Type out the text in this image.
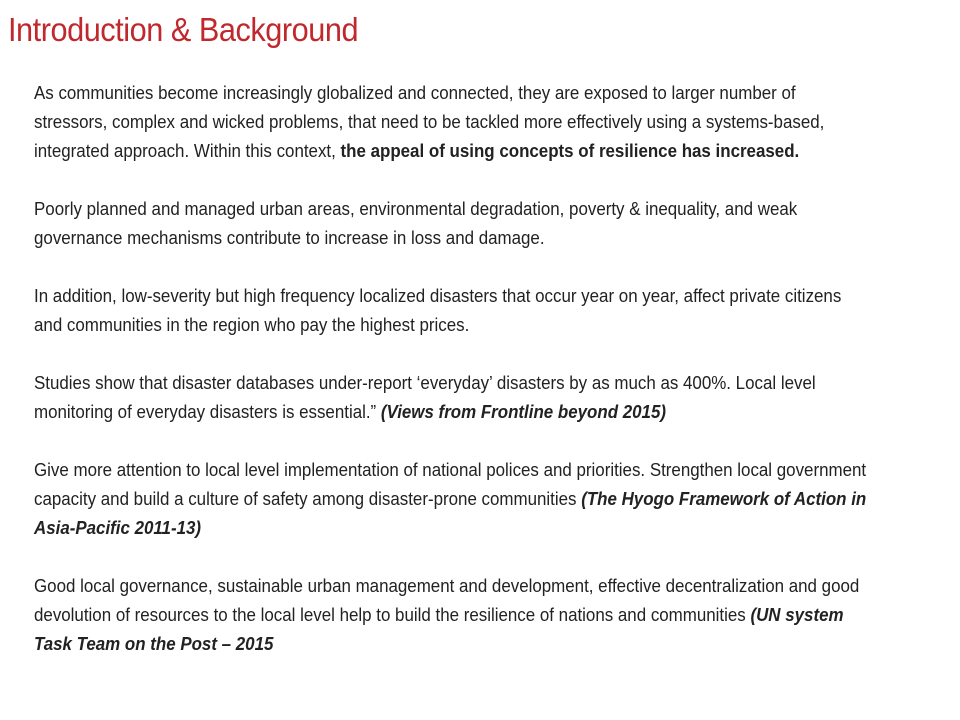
Introduction & Background

As communities become increasingly globalized and connected, they are exposed to larger number of stressors, complex and wicked problems, that need to be tackled more effectively using a systems-based, integrated approach. Within this context, the appeal of using concepts of resilience has increased.

Poorly planned and managed urban areas, environmental degradation, poverty & inequality, and weak governance mechanisms contribute to increase in loss and damage.

In addition, low-severity but high frequency localized disasters that occur year on year, affect private citizens and communities in the region who pay the highest prices.

Studies show that disaster databases under-report ‘everyday’ disasters by as much as 400%. Local level monitoring of everyday disasters is essential.” (Views from Frontline beyond 2015)

Give more attention to local level implementation of national polices and priorities. Strengthen local government capacity and build a culture of safety among disaster-prone communities (The Hyogo Framework of Action in Asia-Pacific 2011-13)

Good local governance, sustainable urban management and development, effective decentralization and good devolution of resources to the local level help to build the resilience of nations and communities (UN system Task Team on the Post – 2015
